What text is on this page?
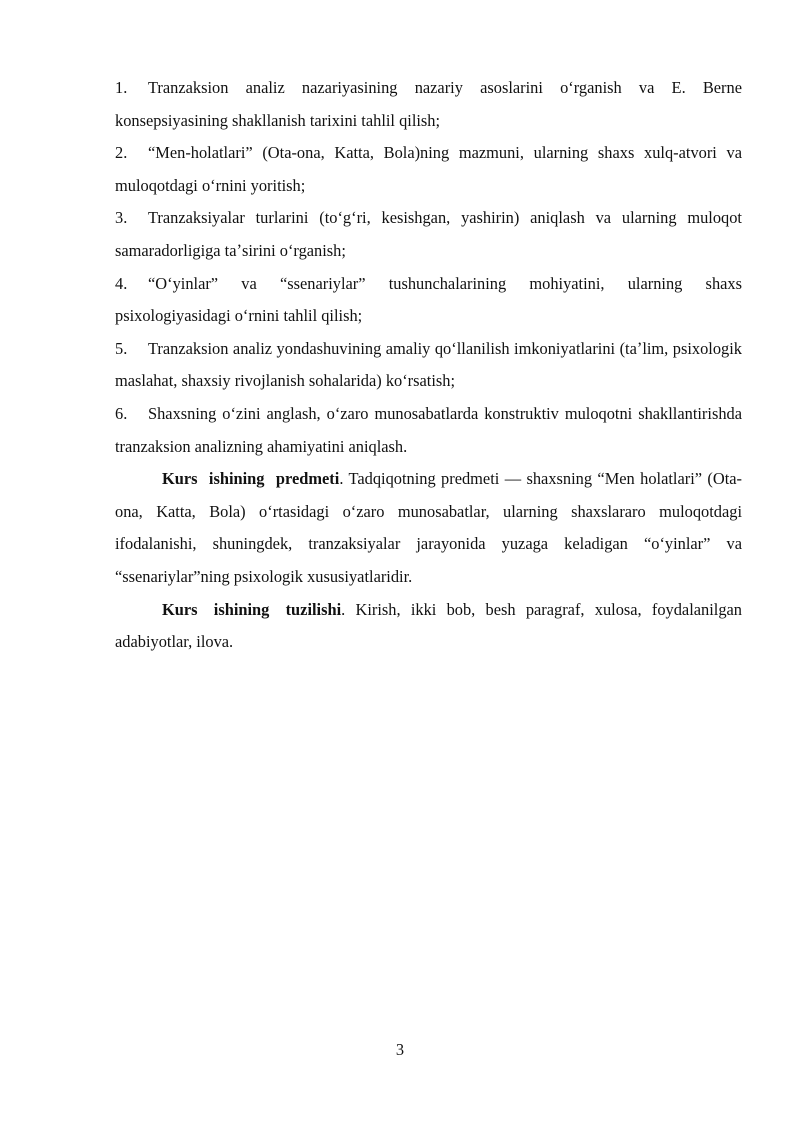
1. Tranzaksion analiz nazariyasining nazariy asoslarini oʻrganish va E. Berne konsepsiyasining shakllanish tarixini tahlil qilish;

2. “Men-holatlari” (Ota-ona, Katta, Bola)ning mazmuni, ularning shaxs xulq-atvori va muloqotdagi oʻrnini yoritish;

3. Tranzaksiyalar turlarini (toʻgʻri, kesishgan, yashirin) aniqlash va ularning muloqot samaradorligiga taʼsirini oʻrganish;

4. “Oʻyinlar” va “ssenariylar” tushunchalarining mohiyatini, ularning shaxs psixologiyasidagi oʻrnini tahlil qilish;

5. Tranzaksion analiz yondashuvining amaliy qoʻllanilish imkoniyatlarini (taʼlim, psixologik maslahat, shaxsiy rivojlanish sohalarida) koʻrsatish;

6. Shaxsning oʻzini anglash, oʻzaro munosabatlarda konstruktiv muloqotni shakllantirishda tranzaksion analizning ahamiyatini aniqlash.

Kurs ishining predmeti. Tadqiqotning predmeti — shaxsning “Men holatlari” (Ota-ona, Katta, Bola) oʻrtasidagi oʻzaro munosabatlar, ularning shaxslararo muloqotdagi ifodalanishi, shuningdek, tranzaksiyalar jarayonida yuzaga keladigan “oʻyinlar” va “ssenariylar”ning psixologik xususiyatlaridir.

Kurs ishining tuzilishi. Kirish, ikki bob, besh paragraf, xulosa, foydalanilgan adabiyotlar, ilova.

3
